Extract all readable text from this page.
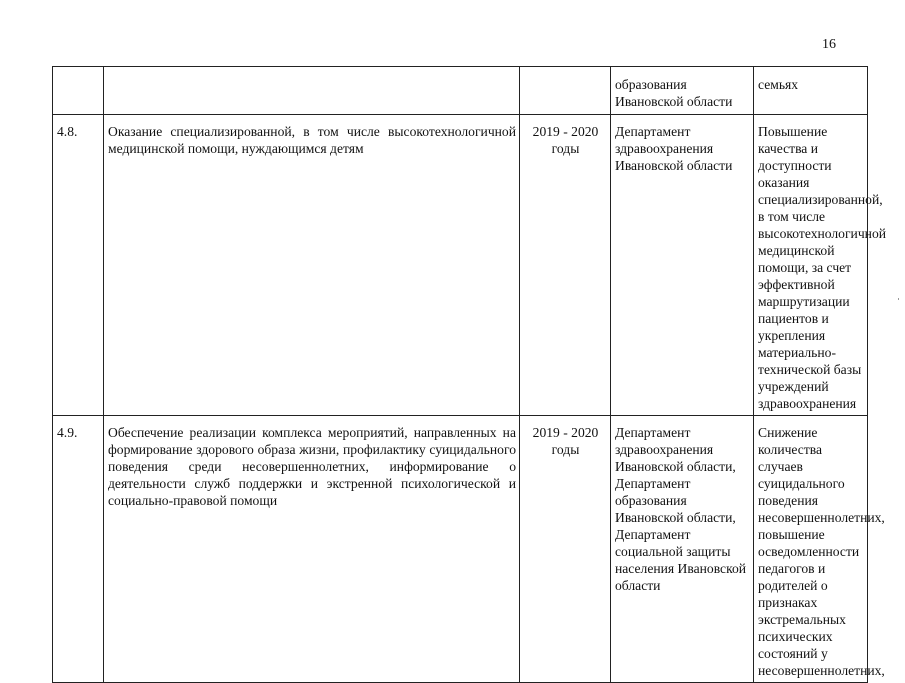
16

			образования Ивановской области	семьях

4.8.	Оказание специализированной, в том числе высокотехнологичной медицинской помощи, нуждающимся детям	2019 - 2020 годы	Департамент здравоохранения Ивановской области	Повышение качества и доступности оказания специализированной, в том числе высокотехнологичной медицинской помощи, за счет эффективной маршрутизации пациентов и укрепления материально-технической базы учреждений здравоохранения

4.9.	Обеспечение реализации комплекса мероприятий, направленных на формирование здорового образа жизни, профилактику суицидального поведения среди несовершеннолетних, информирование о деятельности служб поддержки и экстренной психологической и социально-правовой помощи	2019 - 2020 годы	Департамент здравоохранения Ивановской области, Департамент образования Ивановской области, Департамент социальной защиты населения Ивановской области	Снижение количества случаев суицидального поведения несовершеннолетних, повышение осведомленности педагогов и родителей о признаках экстремальных психических состояний у несовершеннолетних,
